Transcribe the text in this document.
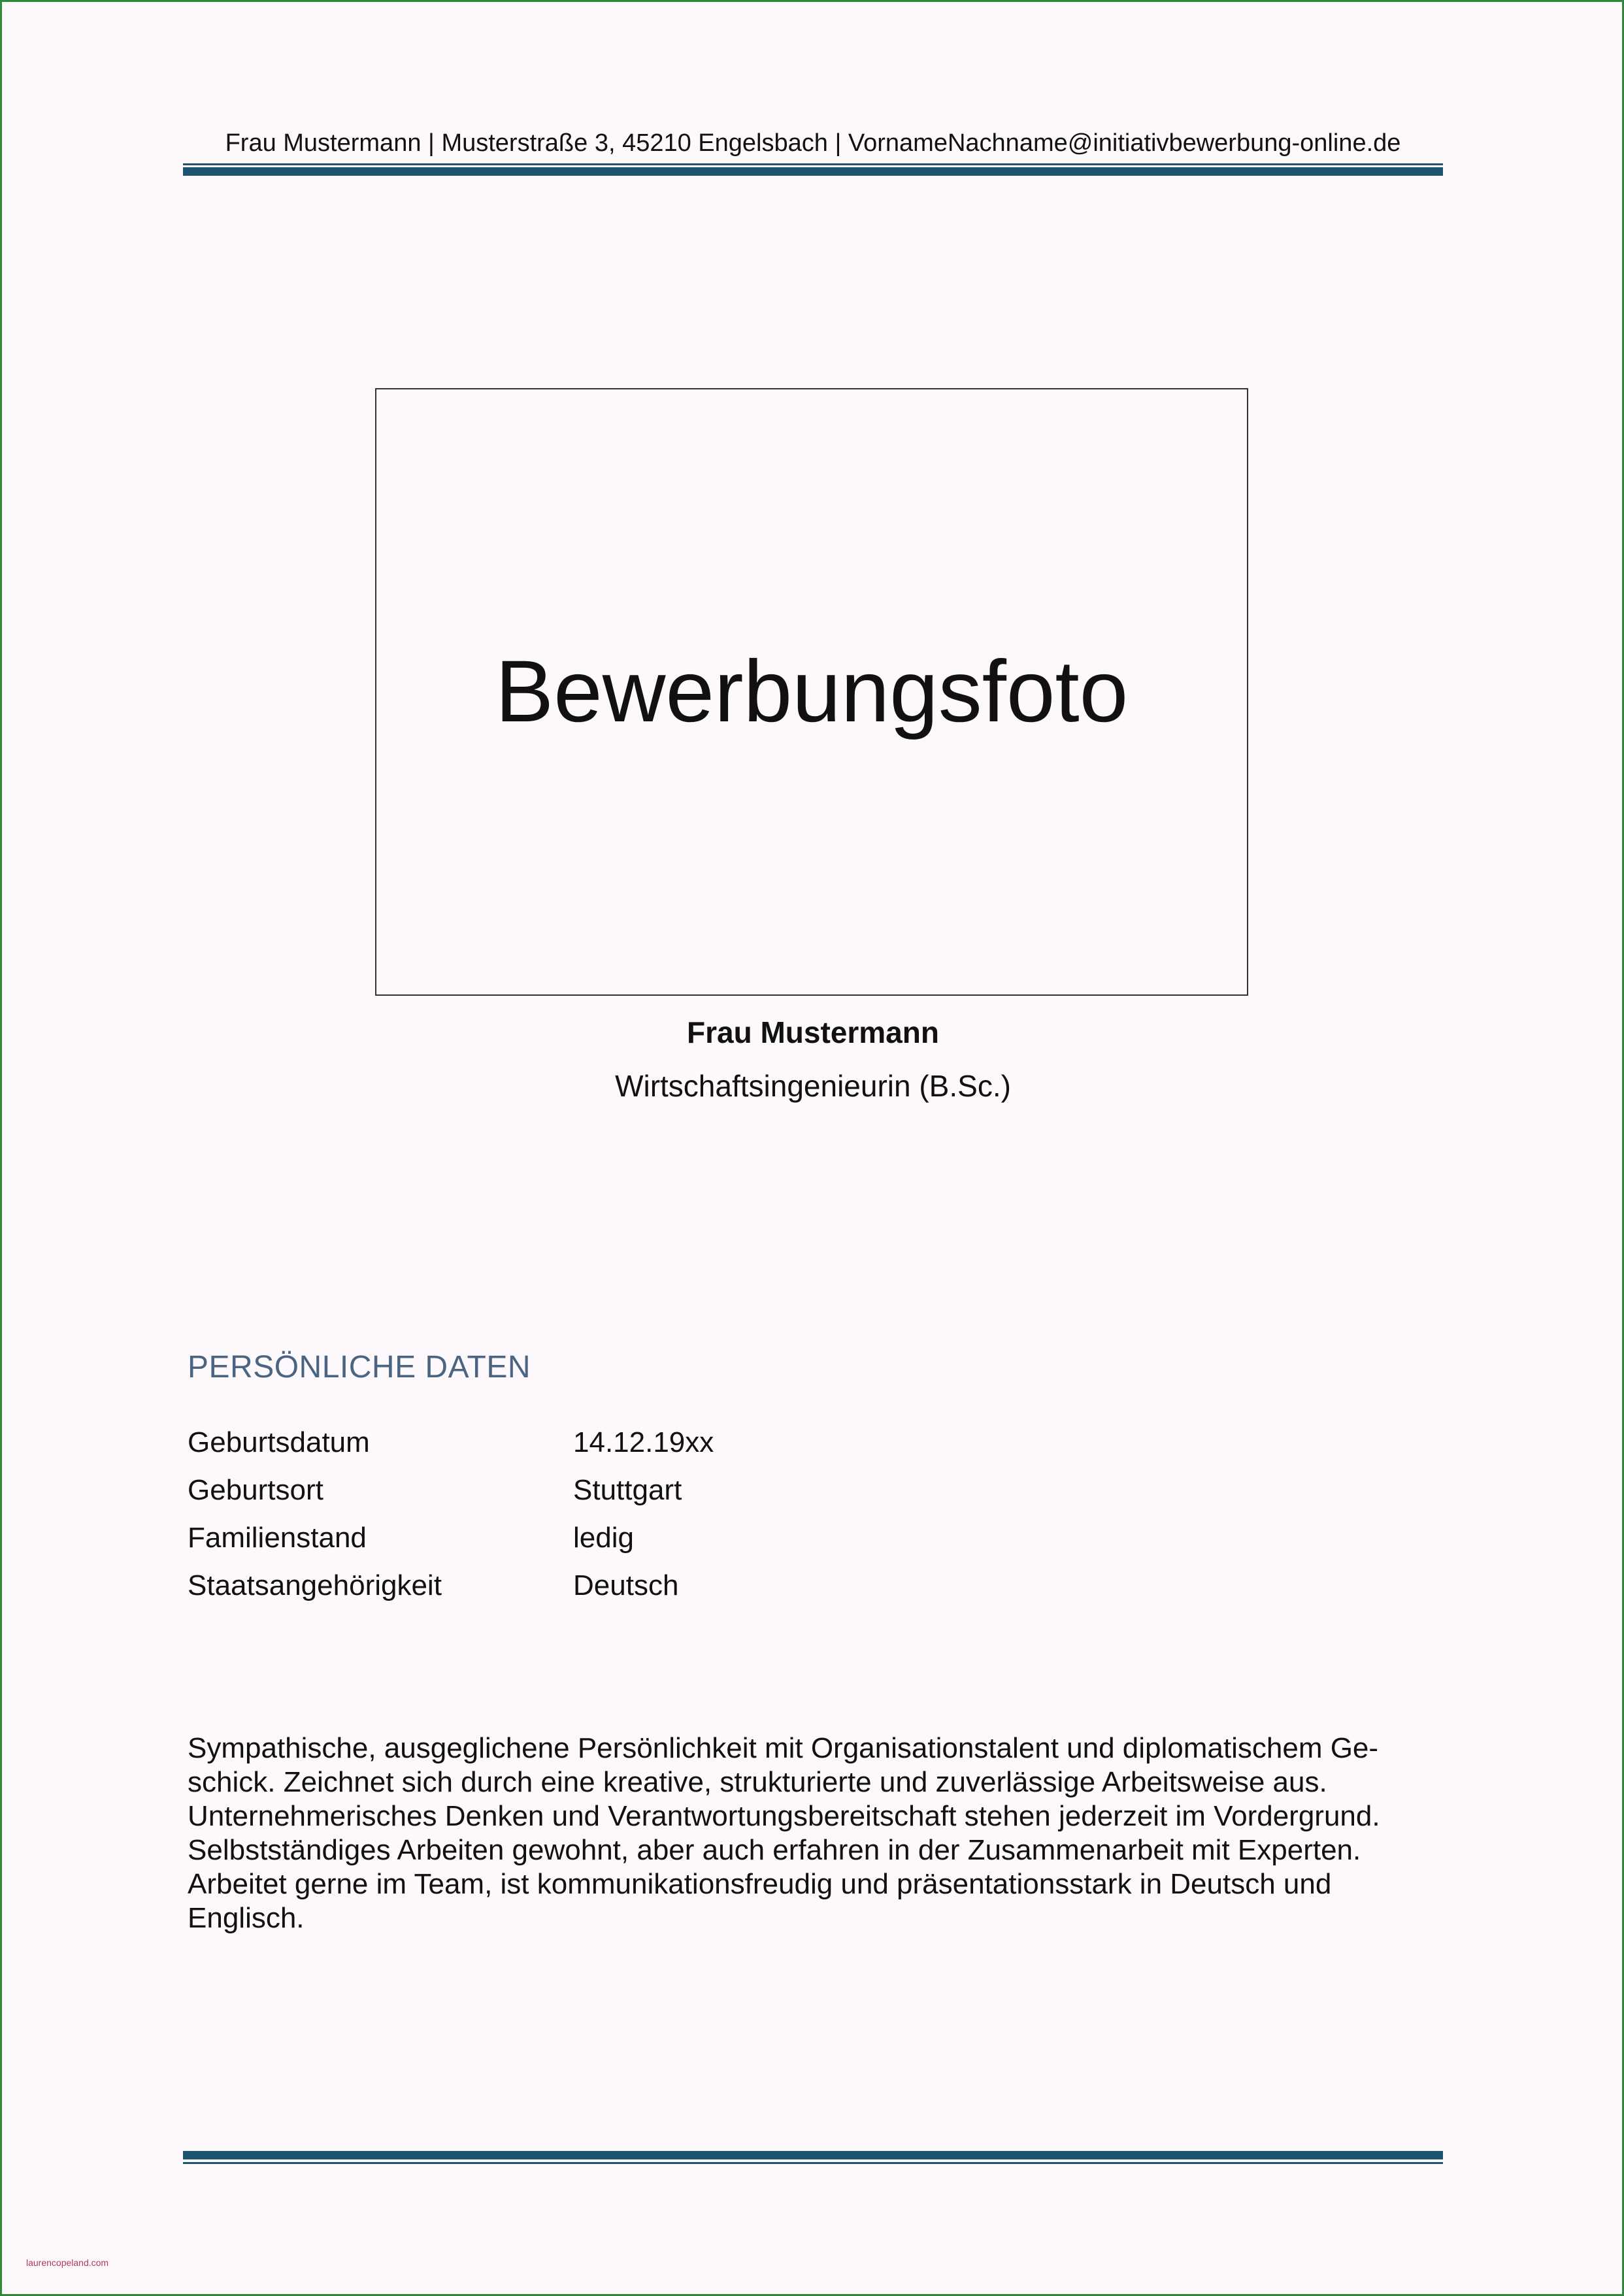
Frau Mustermann | Musterstraße 3, 45210 Engelsbach | VornameNachname@initiativbewerbung-online.de
Bewerbungsfoto
Frau Mustermann
Wirtschaftsingenieurin (B.Sc.)
PERSÖNLICHE DATEN
Geburtsdatum	14.12.19xx
Geburtsort	Stuttgart
Familienstand	ledig
Staatsangehörigkeit	Deutsch
Sympathische, ausgeglichene Persönlichkeit mit Organisationstalent und diplomatischem Ge-
schick. Zeichnet sich durch eine kreative, strukturierte und zuverlässige Arbeitsweise aus.
Unternehmerisches Denken und Verantwortungsbereitschaft stehen jederzeit im Vordergrund.
Selbstständiges Arbeiten gewohnt, aber auch erfahren in der Zusammenarbeit mit Experten.
Arbeitet gerne im Team, ist kommunikationsfreudig und präsentationsstark in Deutsch und
Englisch.
laurencopeland.com
